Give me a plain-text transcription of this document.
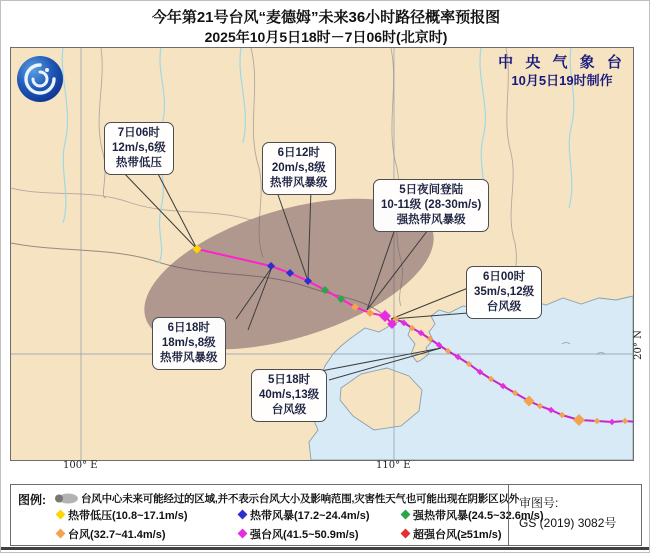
今年第21号台风“麦德姆”未来36小时路径概率预报图
2025年10月5日18时－7日06时(北京时)
中 央 气 象 台
10月5日19时制作
7日06时
12m/s,6级
热带低压
6日12时
20m/s,8级
热带风暴级
5日夜间登陆
10-11级 (28-30m/s)
强热带风暴级
6日00时
35m/s,12级
台风级
6日18时
18m/s,8级
热带风暴级
5日18时
40m/s,13级
台风级
100° E	110° E
20° N
图例:	台风中心未来可能经过的区域,并不表示台风大小及影响范围,灾害性天气也可能出现在阴影区以外
热带低压(10.8~17.1m/s)	热带风暴(17.2~24.4m/s)	强热带风暴(24.5~32.6m/s)
台风(32.7~41.4m/s)	强台风(41.5~50.9m/s)	超强台风(≥51m/s)
审图号:
GS (2019) 3082号
